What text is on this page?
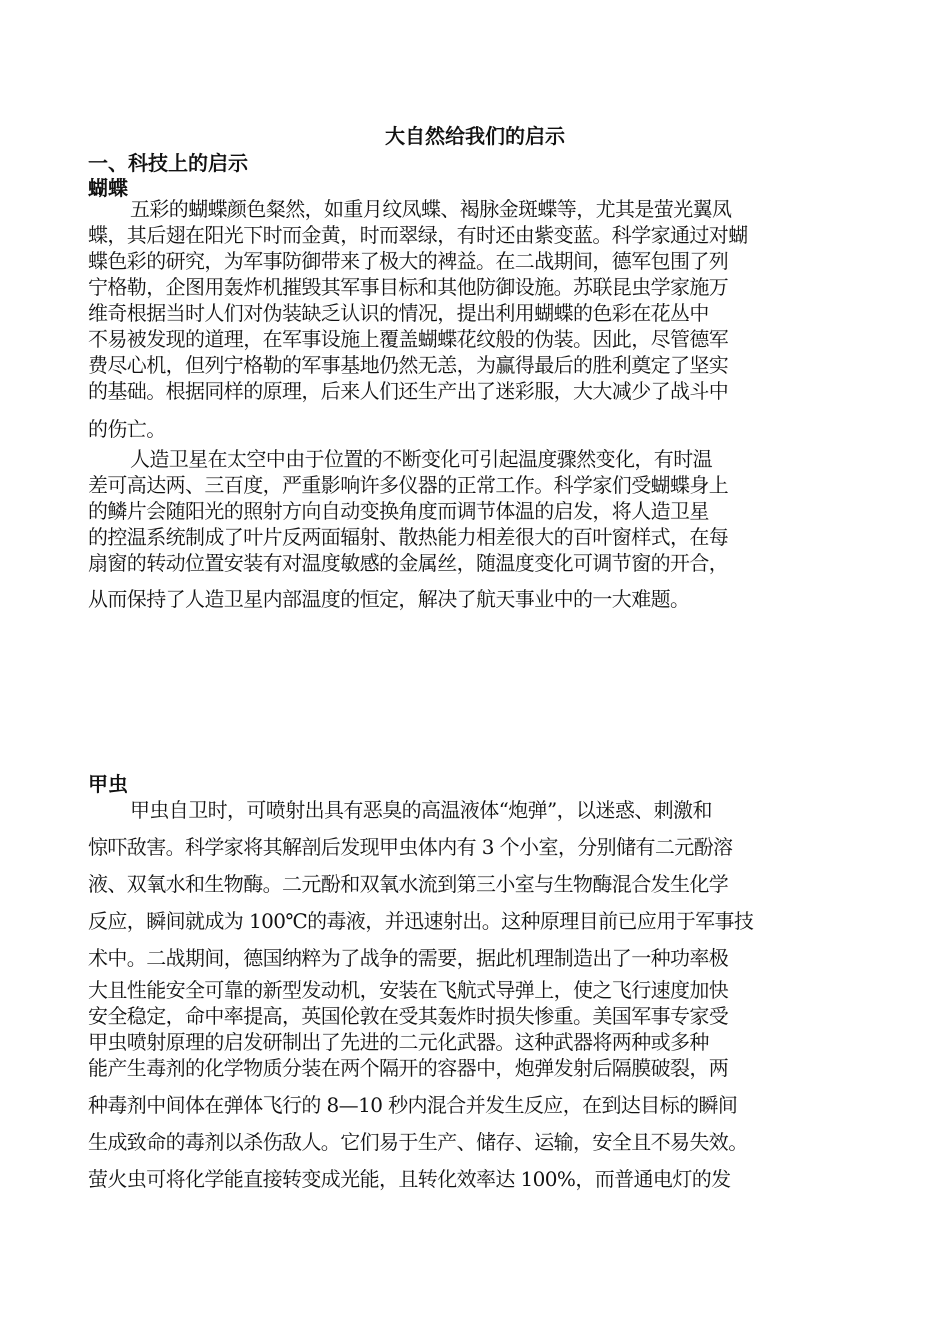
大自然给我们的启示
一、科技上的启示
蝴蝶
五彩的蝴蝶颜色粲然，如重月纹凤蝶、褐脉金斑蝶等，尤其是萤光翼凤
蝶，其后翅在阳光下时而金黄，时而翠绿，有时还由紫变蓝。科学家通过对蝴
蝶色彩的研究，为军事防御带来了极大的裨益。在二战期间，德军包围了列
宁格勒，企图用轰炸机摧毁其军事目标和其他防御设施。苏联昆虫学家施万
维奇根据当时人们对伪装缺乏认识的情况，提出利用蝴蝶的色彩在花丛中
不易被发现的道理，在军事设施上覆盖蝴蝶花纹般的伪装。因此，尽管德军
费尽心机，但列宁格勒的军事基地仍然无恙，为赢得最后的胜利奠定了坚实
的基础。根据同样的原理，后来人们还生产出了迷彩服，大大减少了战斗中
的伤亡。
人造卫星在太空中由于位置的不断变化可引起温度骤然变化，有时温
差可高达两、三百度，严重影响许多仪器的正常工作。科学家们受蝴蝶身上
的鳞片会随阳光的照射方向自动变换角度而调节体温的启发，将人造卫星
的控温系统制成了叶片反两面辐射、散热能力相差很大的百叶窗样式，在每
扇窗的转动位置安装有对温度敏感的金属丝，随温度变化可调节窗的开合，
从而保持了人造卫星内部温度的恒定，解决了航天事业中的一大难题。
甲虫
甲虫自卫时，可喷射出具有恶臭的高温液体“炮弹”，以迷惑、刺激和
惊吓敌害。科学家将其解剖后发现甲虫体内有 3 个小室，分别储有二元酚溶
液、双氧水和生物酶。二元酚和双氧水流到第三小室与生物酶混合发生化学
反应，瞬间就成为 100℃的毒液，并迅速射出。这种原理目前已应用于军事技
术中。二战期间，德国纳粹为了战争的需要，据此机理制造出了一种功率极
大且性能安全可靠的新型发动机，安装在飞航式导弹上，使之飞行速度加快
安全稳定，命中率提高，英国伦敦在受其轰炸时损失惨重。美国军事专家受
甲虫喷射原理的启发研制出了先进的二元化武器。这种武器将两种或多种
能产生毒剂的化学物质分装在两个隔开的容器中，炮弹发射后隔膜破裂，两
种毒剂中间体在弹体飞行的 8—10 秒内混合并发生反应，在到达目标的瞬间
生成致命的毒剂以杀伤敌人。它们易于生产、储存、运输，安全且不易失效。
萤火虫可将化学能直接转变成光能，且转化效率达 100%，而普通电灯的发
